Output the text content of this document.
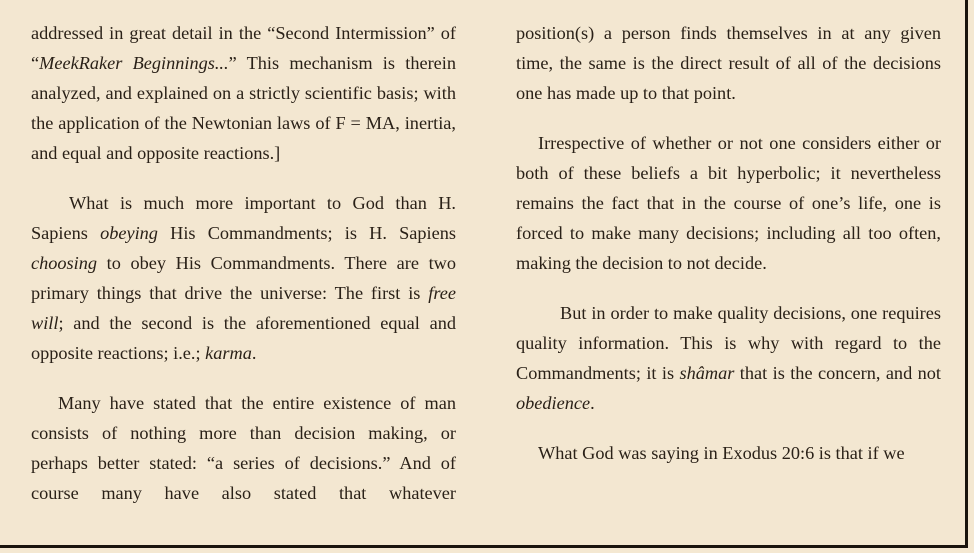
addressed in great detail in the “Second Intermission” of “MeekRaker Beginnings...” This mechanism is therein analyzed, and explained on a strictly scientific basis; with the application of the Newtonian laws of F = MA, inertia, and equal and opposite reactions.]

What is much more important to God than H. Sapiens obeying His Commandments; is H. Sapiens choosing to obey His Commandments. There are two primary things that drive the universe: The first is free will; and the second is the aforementioned equal and opposite reactions; i.e.; karma.

Many have stated that the entire existence of man consists of nothing more than decision making, or perhaps better stated: “a series of decisions.” And of course many have also stated that whatever

position(s) a person finds themselves in at any given time, the same is the direct result of all of the decisions one has made up to that point.

Irrespective of whether or not one considers either or both of these beliefs a bit hyperbolic; it nevertheless remains the fact that in the course of one’s life, one is forced to make many decisions; including all too often, making the decision to not decide.

But in order to make quality decisions, one requires quality information. This is why with regard to the Commandments; it is shâmar that is the concern, and not obedience.

What God was saying in Exodus 20:6 is that if we
